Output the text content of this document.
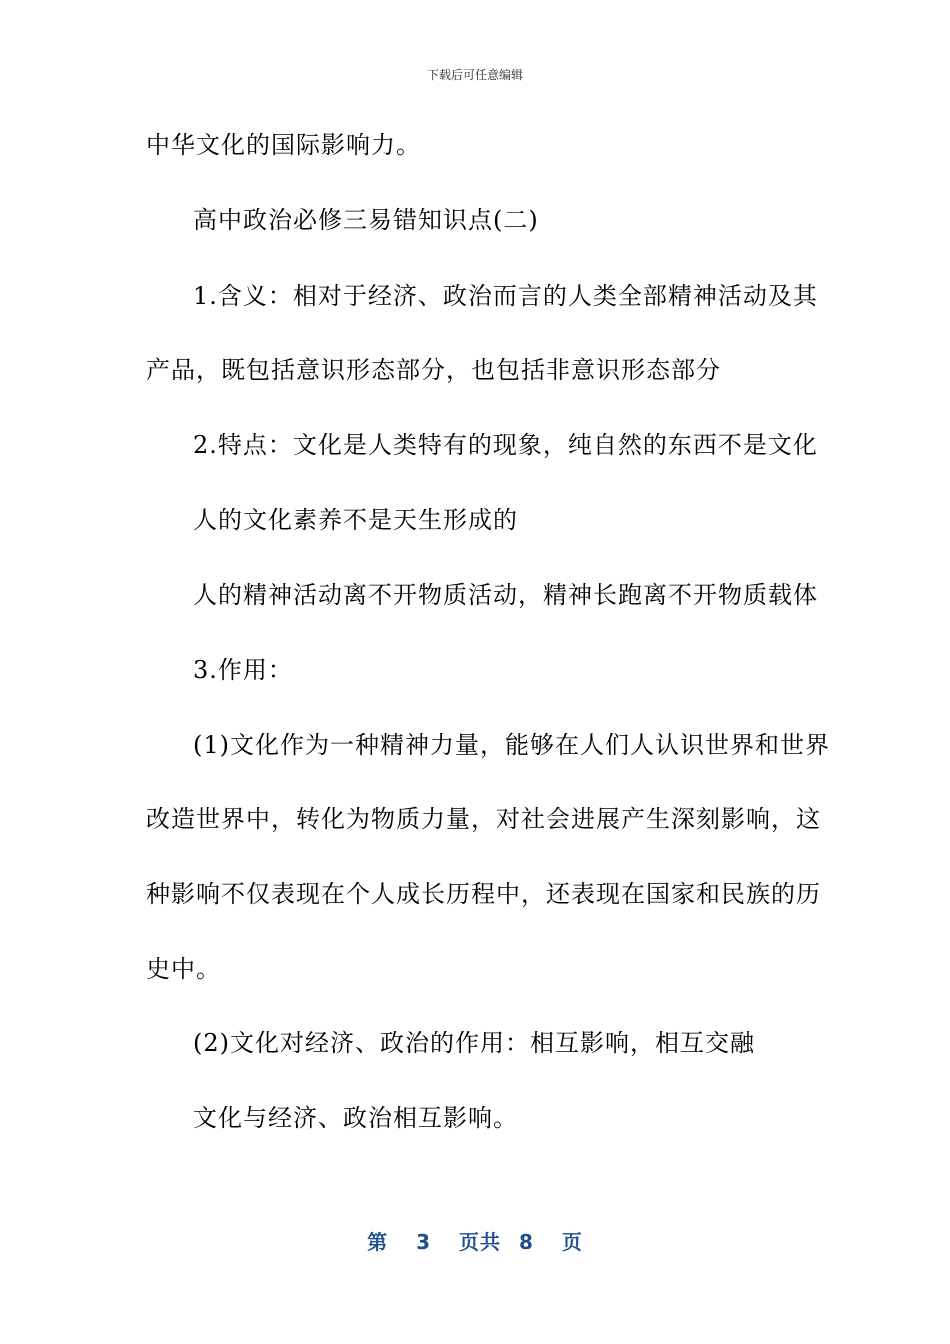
下载后可任意编辑
中华文化的国际影响力。
高中政治必修三易错知识点(二)
1.含义：相对于经济、政治而言的人类全部精神活动及其
产品，既包括意识形态部分，也包括非意识形态部分
2.特点：文化是人类特有的现象，纯自然的东西不是文化
人的文化素养不是天生形成的
人的精神活动离不开物质活动，精神长跑离不开物质载体
3.作用：
(1)文化作为一种精神力量，能够在人们人认识世界和世界
改造世界中，转化为物质力量，对社会进展产生深刻影响，这
种影响不仅表现在个人成长历程中，还表现在国家和民族的历
史中。
(2)文化对经济、政治的作用：相互影响，相互交融
文化与经济、政治相互影响。
第 3 页共 8 页
